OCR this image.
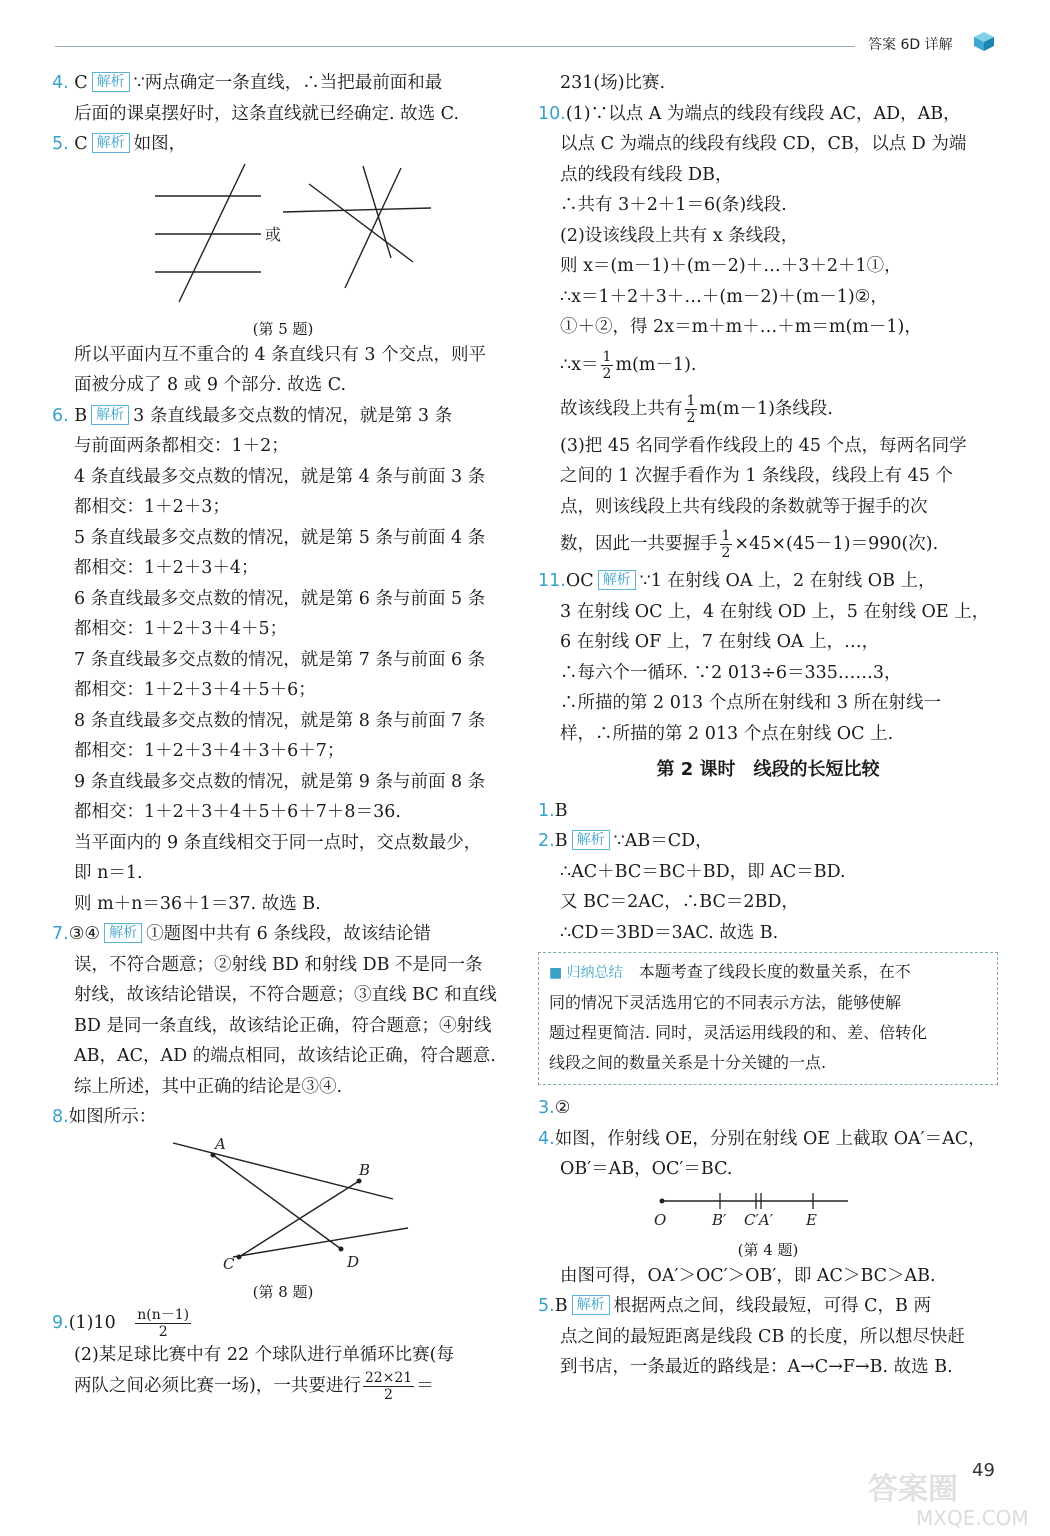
答案 6D 详解

4. C 解析 ∵两点确定一条直线，∴当把最前面和最

后面的课桌摆好时，这条直线就已经确定. 故选 C.

5. C 解析 如图，

或
(第 5 题)

所以平面内互不重合的 4 条直线只有 3 个交点，则平

面被分成了 8 或 9 个部分. 故选 C.

6. B 解析 3 条直线最多交点数的情况，就是第 3 条

与前面两条都相交：1＋2；

4 条直线最多交点数的情况，就是第 4 条与前面 3 条

都相交：1＋2＋3；

5 条直线最多交点数的情况，就是第 5 条与前面 4 条

都相交：1＋2＋3＋4；

6 条直线最多交点数的情况，就是第 6 条与前面 5 条

都相交：1＋2＋3＋4＋5；

7 条直线最多交点数的情况，就是第 7 条与前面 6 条

都相交：1＋2＋3＋4＋5＋6；

8 条直线最多交点数的情况，就是第 8 条与前面 7 条

都相交：1＋2＋3＋4＋3＋6＋7；

9 条直线最多交点数的情况，就是第 9 条与前面 8 条

都相交：1＋2＋3＋4＋5＋6＋7＋8＝36.

当平面内的 9 条直线相交于同一点时，交点数最少，

即 n＝1.

则 m＋n＝36＋1＝37. 故选 B.

7.③④ 解析 ①题图中共有 6 条线段，故该结论错

误，不符合题意；②射线 BD 和射线 DB 不是同一条

射线，故该结论错误，不符合题意；③直线 BC 和直线

BD 是同一条直线，故该结论正确，符合题意；④射线

AB，AC，AD 的端点相同，故该结论正确，符合题意.

综上所述，其中正确的结论是③④.

8.如图所示：

A
B
C	D
(第 8 题)

9.(1)10　 $\frac{n(n-1)}{2}$

(2)某足球比赛中有 22 个球队进行单循环比赛(每

两队之间必须比赛一场)，一共要进行 $\frac{22\times 21}{2}$ ＝

231(场)比赛.

10.(1)∵以点 A 为端点的线段有线段 AC，AD，AB，

以点 C 为端点的线段有线段 CD，CB，以点 D 为端

点的线段有线段 DB，

∴共有 3＋2＋1＝6(条)线段.

(2)设该线段上共有 x 条线段，

则 x＝(m－1)＋(m－2)＋…＋3＋2＋1①，

∴x＝1＋2＋3＋…＋(m－2)＋(m－1)②，

①＋②，得 2x＝m＋m＋…＋m＝m(m－1)，

∴x＝ $\frac{1}{2} m(m-1)$.

故该线段上共有 $\frac{1}{2} m(m-1)$条线段.

(3)把 45 名同学看作线段上的 45 个点，每两名同学

之间的 1 次握手看作为 1 条线段，线段上有 45 个

点，则该线段上共有线段的条数就等于握手的次

数，因此一共要握手 $\frac{1}{2} \times 45\times(45-1)=990$(次).

11.OC 解析 ∵1 在射线 OA 上，2 在射线 OB 上，

3 在射线 OC 上，4 在射线 OD 上，5 在射线 OE 上，

6 在射线 OF 上，7 在射线 OA 上，…，

∴每六个一循环. ∵2 013÷6＝335……3，

∴所描的第 2 013 个点所在射线和 3 所在射线一

样，∴所描的第 2 013 个点在射线 OC 上.

第 2 课时　线段的长短比较

1.B

2.B 解析 ∵AB＝CD，

∴AC＋BC＝BC＋BD，即 AC＝BD.

又 BC＝2AC，∴BC＝2BD，

∴CD＝3BD＝3AC. 故选 B.

■ 归纳总结　 本题考查了线段长度的数量关系，在不
同的情况下灵活选用它的不同表示方法，能够使解
题过程更简洁. 同时，灵活运用线段的和、差、倍转化
线段之间的数量关系是十分关键的一点.

3.②

4.如图，作射线 OE，分别在射线 OE 上截取 OA′＝AC，

OB′＝AB，OC′＝BC.

O	B′ C′A′ E
(第 4 题)

由图可得，OA′＞OC′＞OB′，即 AC＞BC＞AB.

5.B 解析 根据两点之间，线段最短，可得 C，B 两

点之间的最短距离是线段 CB 的长度，所以想尽快赶

到书店，一条最近的路线是：A→C→F→B. 故选 B.

答案圈
MXQE.COM
49
